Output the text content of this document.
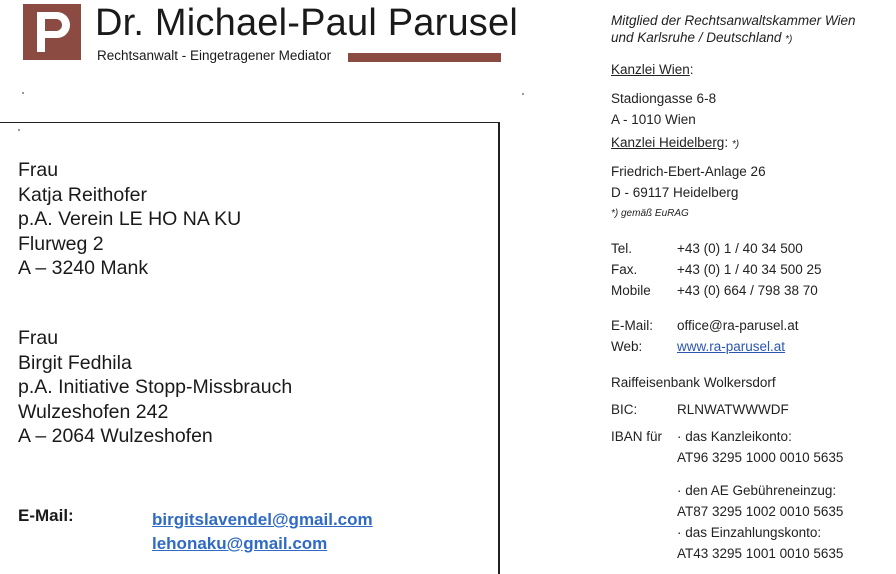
Dr. Michael-Paul Parusel
Rechtsanwalt - Eingetragener Mediator
Frau
Katja Reithofer
p.A. Verein LE HO NA KU
Flurweg 2
A – 3240 Mank
Frau
Birgit Fedhila
p.A. Initiative Stopp-Missbrauch
Wulzeshofen 242
A – 2064 Wulzeshofen
E-Mail:	birgitslavendel@gmail.com
lehonaku@gmail.com
Mitglied der Rechtsanwaltskammer Wien
und Karlsruhe / Deutschland *)
Kanzlei Wien:
Stadiongasse 6-8
A - 1010 Wien
Kanzlei Heidelberg: *)
Friedrich-Ebert-Anlage 26
D - 69117 Heidelberg
*) gemäß EuRAG
Tel.	+43 (0) 1 / 40 34 500
Fax.	+43 (0) 1 / 40 34 500 25
Mobile +43 (0) 664 / 798 38 70
E-Mail: office@ra-parusel.at
Web:	www.ra-parusel.at
Raiffeisenbank Wolkersdorf
BIC:	RLNWATWWWDF
IBAN für · das Kanzleikonto:
AT96 3295 1000 0010 5635
· den AE Gebühreneinzug:
AT87 3295 1002 0010 5635
· das Einzahlungskonto:
AT43 3295 1001 0010 5635
